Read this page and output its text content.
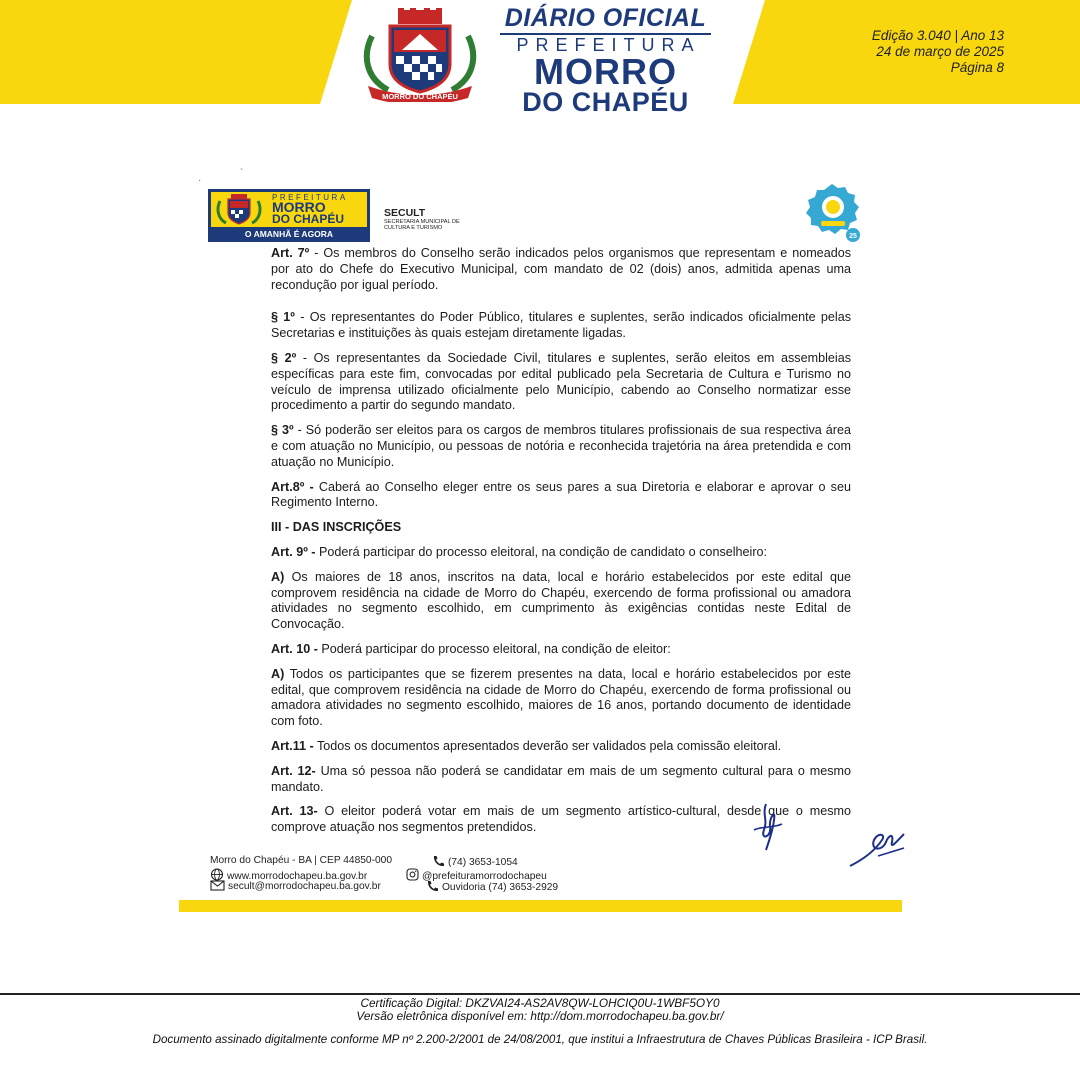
MORRO DO CHAPÉU
DIÁRIO OFICIAL
PREFEITURA
MORRO
DO CHAPÉU
Edição 3.040 | Ano 13
24 de março de 2025
Página 8
·
`
PREFEITURA
MORRO
DO CHAPÉU
O AMANHÃ É AGORA
SECULT
SECRETARIA MUNICIPAL DE CULTURA E TURISMO
25

Art. 7º - Os membros do Conselho serão indicados pelos organismos que representam e nomeados por ato do Chefe do Executivo Municipal, com mandato de 02 (dois) anos, admitida apenas uma recondução por igual período.

§ 1º - Os representantes do Poder Público, titulares e suplentes, serão indicados oficialmente pelas Secretarias e instituições às quais estejam diretamente ligadas.

§ 2º - Os representantes da Sociedade Civil, titulares e suplentes, serão eleitos em assembleias específicas para este fim, convocadas por edital publicado pela Secretaria de Cultura e Turismo no veículo de imprensa utilizado oficialmente pelo Município, cabendo ao Conselho normatizar esse procedimento a partir do segundo mandato.

§ 3º - Só poderão ser eleitos para os cargos de membros titulares profissionais de sua respectiva área e com atuação no Município, ou pessoas de notória e reconhecida trajetória na área pretendida e com atuação no Município.

Art.8º - Caberá ao Conselho eleger entre os seus pares a sua Diretoria e elaborar e aprovar o seu Regimento Interno.

III - DAS INSCRIÇÕES

Art. 9º - Poderá participar do processo eleitoral, na condição de candidato o conselheiro:

A) Os maiores de 18 anos, inscritos na data, local e horário estabelecidos por este edital que comprovem residência na cidade de Morro do Chapéu, exercendo de forma profissional ou amadora atividades no segmento escolhido, em cumprimento às exigências contidas neste Edital de Convocação.

Art. 10 - Poderá participar do processo eleitoral, na condição de eleitor:

A) Todos os participantes que se fizerem presentes na data, local e horário estabelecidos por este edital, que comprovem residência na cidade de Morro do Chapéu, exercendo de forma profissional ou amadora atividades no segmento escolhido, maiores de 16 anos, portando documento de identidade com foto.

Art.11 - Todos os documentos apresentados deverão ser validados pela comissão eleitoral.

Art. 12- Uma só pessoa não poderá se candidatar em mais de um segmento cultural para o mesmo mandato.

Art. 13- O eleitor poderá votar em mais de um segmento artístico-cultural, desde que o mesmo comprove atuação nos segmentos pretendidos.

Morro do Chapéu - BA | CEP 44850-000	(74) 3653-1054
www.morrodochapeu.ba.gov.br	@prefeituramorrodochapeu
secult@morrodochapeu.ba.gov.br	Ouvidoria (74) 3653-2929
Certificação Digital: DKZVAI24-AS2AV8QW-LOHCIQ0U-1WBF5OY0
Versão eletrônica disponível em: http://dom.morrodochapeu.ba.gov.br/
Documento assinado digitalmente conforme MP nº 2.200-2/2001 de 24/08/2001, que institui a Infraestrutura de Chaves Públicas Brasileira - ICP Brasil.
